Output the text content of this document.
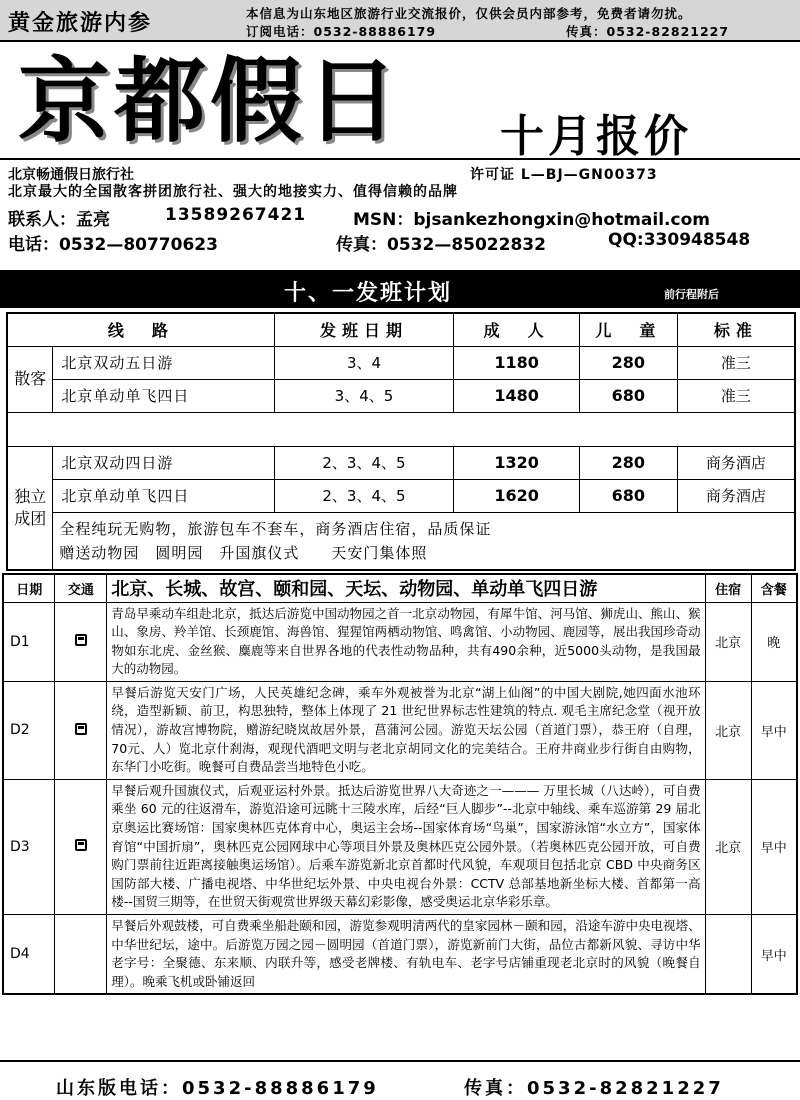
黄金旅游内参	本信息为山东地区旅游行业交流报价，仅供会员内部参考，免费者请勿扰。
订阅电话：0532-88886179	传真：0532-82821227
京都假日 十月报价
北京畅通假日旅行社	许可证 L—BJ—GN00373
北京最大的全国散客拼团旅行社、强大的地接实力、值得信赖的品牌
联系人：孟亮	13589267421	MSN：bjsankezhongxin@hotmail.com
电话：0532—80770623	传真：0532—85022832	QQ:330948548
十、一发班计划	前行程附后
线　路		发班日期	成　人	儿　童	标准
散客	北京双动五日游	3、4	1180	280	准三
	北京单动单飞四日	3、4、5	1480	680	准三

独立成团	北京双动四日游	2、3、4、5	1320	280	商务酒店
	北京单动单飞四日	2、3、4、5	1620	680	商务酒店

	全程纯玩无购物，旅游包车不套车，商务酒店住宿，品质保证
赠送动物园　圆明园　升国旗仪式　　天安门集体照				
日期	交通	北京、长城、故宫、颐和园、天坛、动物园、单动单飞四日游	住宿	含餐
D1		青岛早乘动车组赴北京，抵达后游览中国动物园之首一北京动物园，有犀牛馆、河马馆、狮虎山、熊山、猴山、象房、羚羊馆、长颈鹿馆、海兽馆、猩猩馆两栖动物馆、鸣禽馆、小动物园、鹿园等，展出我国珍奇动物如东北虎、金丝猴、麋鹿等来自世界各地的代表性动物品种，共有490余种，近5000头动物，是我国最大的动物园。	北京	晚
D2		早餐后游览天安门广场，人民英雄纪念碑，乘车外观被誉为北京“湖上仙阁”的中国大剧院,她四面水池环绕，造型新颖、前卫，构思独特，整体上体现了 21 世纪世界标志性建筑的特点. 观毛主席纪念堂（视开放情况），游故宫博物院，赠游纪晓岚故居外景，菖蒲河公园。游览天坛公园（首道门票），恭王府（自理，70元、人）览北京什刹海，观现代酒吧文明与老北京胡同文化的完美结合。王府井商业步行街自由购物，东华门小吃街。晚餐可自费品尝当地特色小吃。	北京	早中
D3		早餐后观升国旗仪式，后观亚运村外景。抵达后游览世界八大奇迹之一——— 万里长城（八达岭），可自费乘坐 60 元的往返滑车，游览沿途可远眺十三陵水库，后经“巨人脚步”--北京中轴线、乘车巡游第 29 届北京奥运比赛场馆：国家奥林匹克体育中心，奥运主会场--国家体育场“鸟巢”，国家游泳馆“水立方”，国家体育馆“中国折扇”，奥林匹克公园网球中心等项目外景及奥林匹克公园外景。（若奥林匹克公园开放，可自费购门票前往近距离接触奥运场馆）。后乘车游览新北京首都时代风貌，车观项目包括北京 CBD 中央商务区国防部大楼、广播电视塔、中华世纪坛外景、中央电视台外景：CCTV 总部基地新坐标大楼、首都第一高楼--国贸三期等，在世贸天街观赏世界级天幕幻彩影像，感受奥运北京华彩乐章。	北京	早中
D4		早餐后外观鼓楼，可自费乘坐船赴颐和园，游览参观明清两代的皇家园林－颐和园，沿途车游中央电视塔、中华世纪坛，途中。后游览万园之园－圆明园（首道门票），游览新前门大街，品位古都新风貌、寻访中华老字号：全聚德、东来顺、内联升等，感受老牌楼、有轨电车、老字号店铺重现老北京时的风貌（晚餐自理）。晚乘飞机或卧铺返回		早中
山东版电话：0532-88886179	传真：0532-82821227
